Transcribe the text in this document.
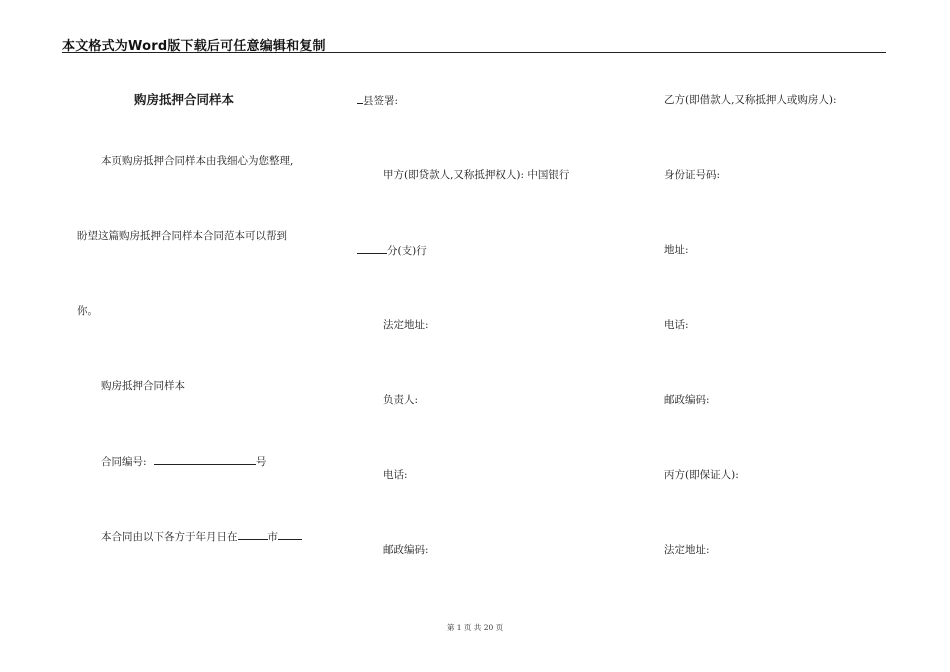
本文格式为Word版下载后可任意编辑和复制
购房抵押合同样本
本页购房抵押合同样本由我细心为您整理,
盼望这篇购房抵押合同样本合同范本可以帮到
你。
购房抵押合同样本
合同编号:	号
本合同由以下各方于年月日在	市
县签署:
甲方(即贷款人,又称抵押权人): 中国银行
分(支)行
法定地址:
负责人:
电话:
邮政编码:
乙方(即借款人,又称抵押人或购房人):
身份证号码:
地址:
电话:
邮政编码:
丙方(即保证人):
法定地址:
第 1 页 共 20 页
